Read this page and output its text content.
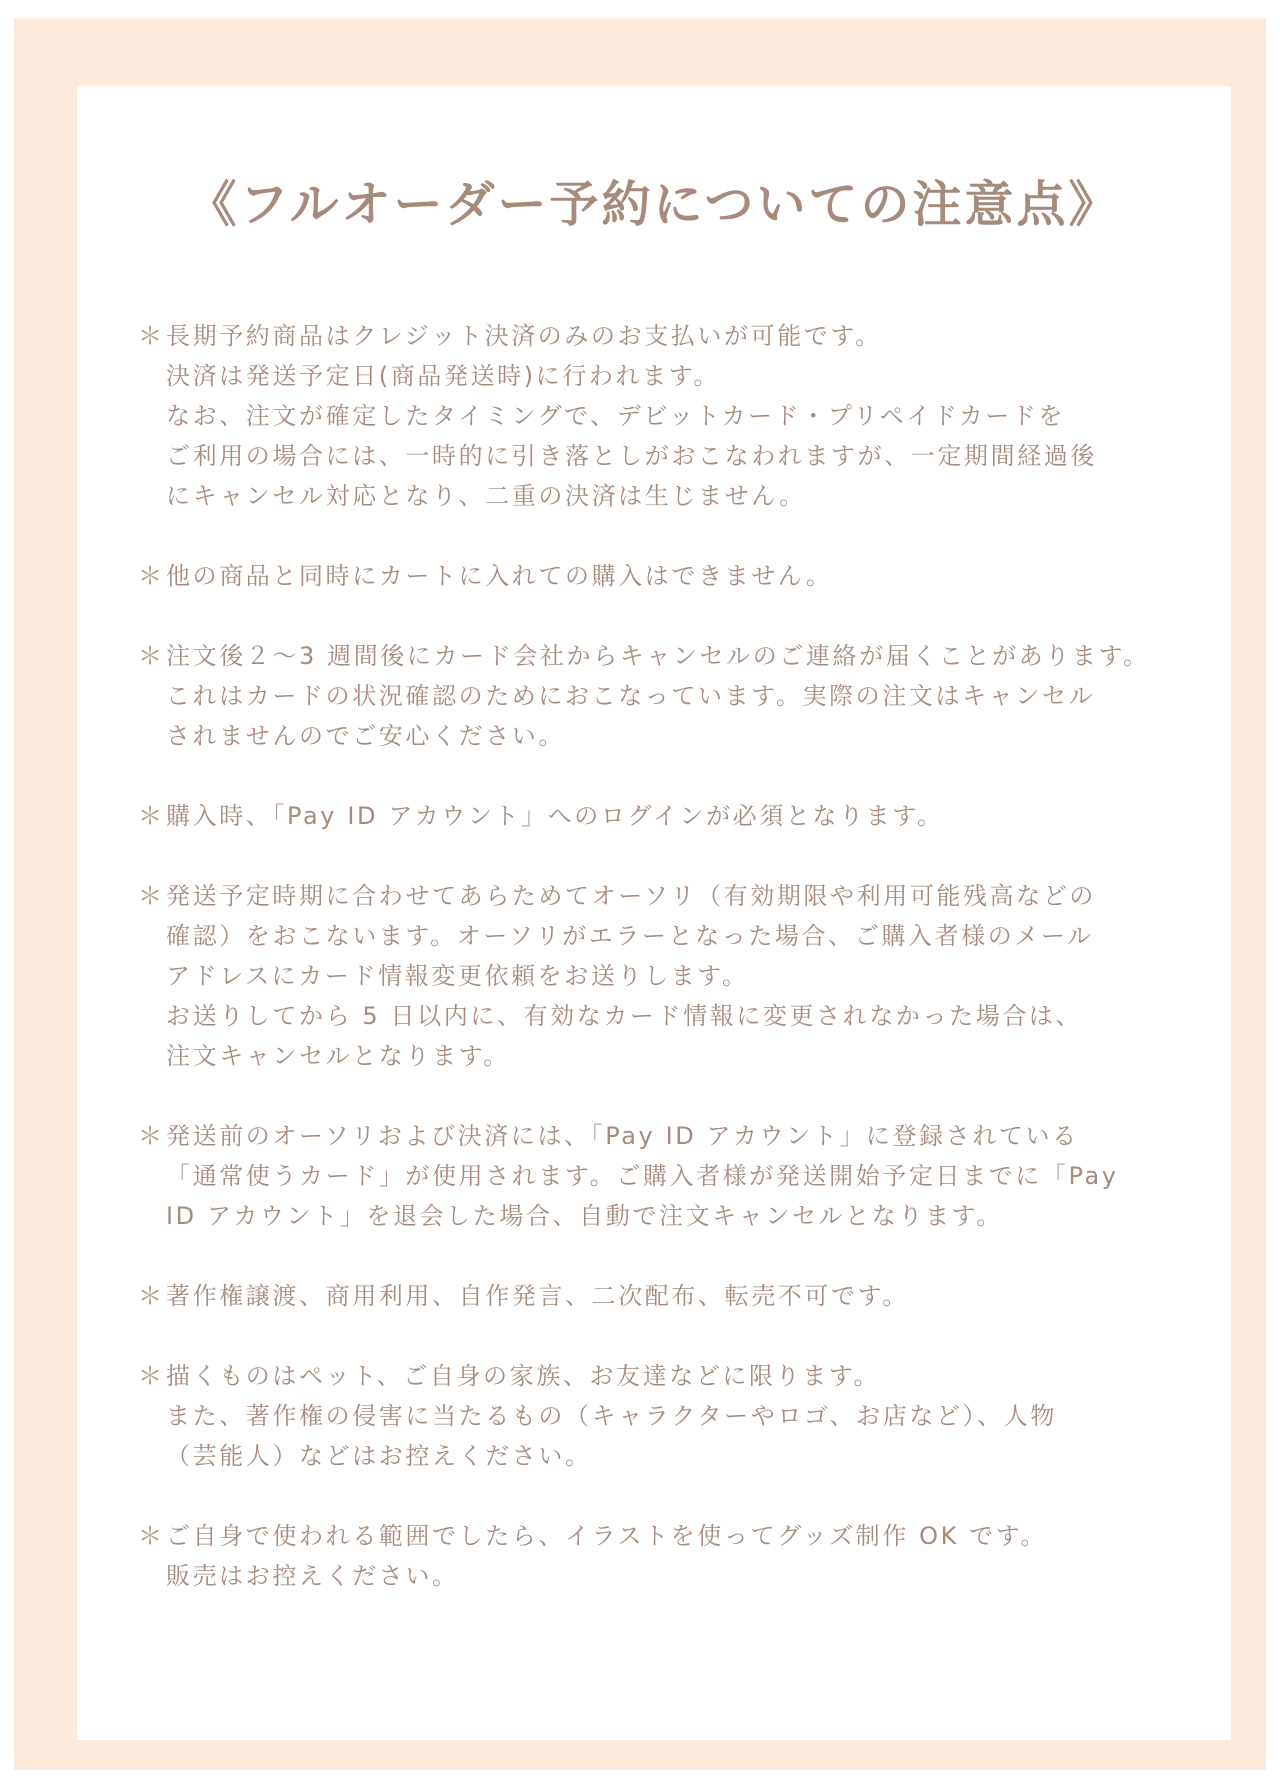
《フルオーダー予約についての注意点》
＊ 長期予約商品はクレジット決済のみのお支払いが可能です。
決済は発送予定日(商品発送時)に行われます。
なお、注文が確定したタイミングで、デビットカード・プリペイドカードを
ご利用の場合には、一時的に引き落としがおこなわれますが、一定期間経過後
にキャンセル対応となり、二重の決済は生じません。
＊ 他の商品と同時にカートに入れての購入はできません。
＊ 注文後２〜3 週間後にカード会社からキャンセルのご連絡が届くことがあります。
これはカードの状況確認のためにおこなっています。実際の注文はキャンセル
されませんのでご安心ください。
＊ 購入時、「Pay ID アカウント」へのログインが必須となります。
＊ 発送予定時期に合わせてあらためてオーソリ（有効期限や利用可能残高などの
確認）をおこないます。オーソリがエラーとなった場合、ご購入者様のメール
アドレスにカード情報変更依頼をお送りします。
お送りしてから 5 日以内に、有効なカード情報に変更されなかった場合は、
注文キャンセルとなります。
＊ 発送前のオーソリおよび決済には、「Pay ID アカウント」に登録されている
「通常使うカード」が使用されます。ご購入者様が発送開始予定日までに「Pay
ID アカウント」を退会した場合、自動で注文キャンセルとなります。
＊ 著作権譲渡、商用利用、自作発言、二次配布、転売不可です。
＊ 描くものはペット、ご自身の家族、お友達などに限ります。
また、著作権の侵害に当たるもの（キャラクターやロゴ、お店など）、人物
（芸能人）などはお控えください。
＊ ご自身で使われる範囲でしたら、イラストを使ってグッズ制作 OK です。
販売はお控えください。
